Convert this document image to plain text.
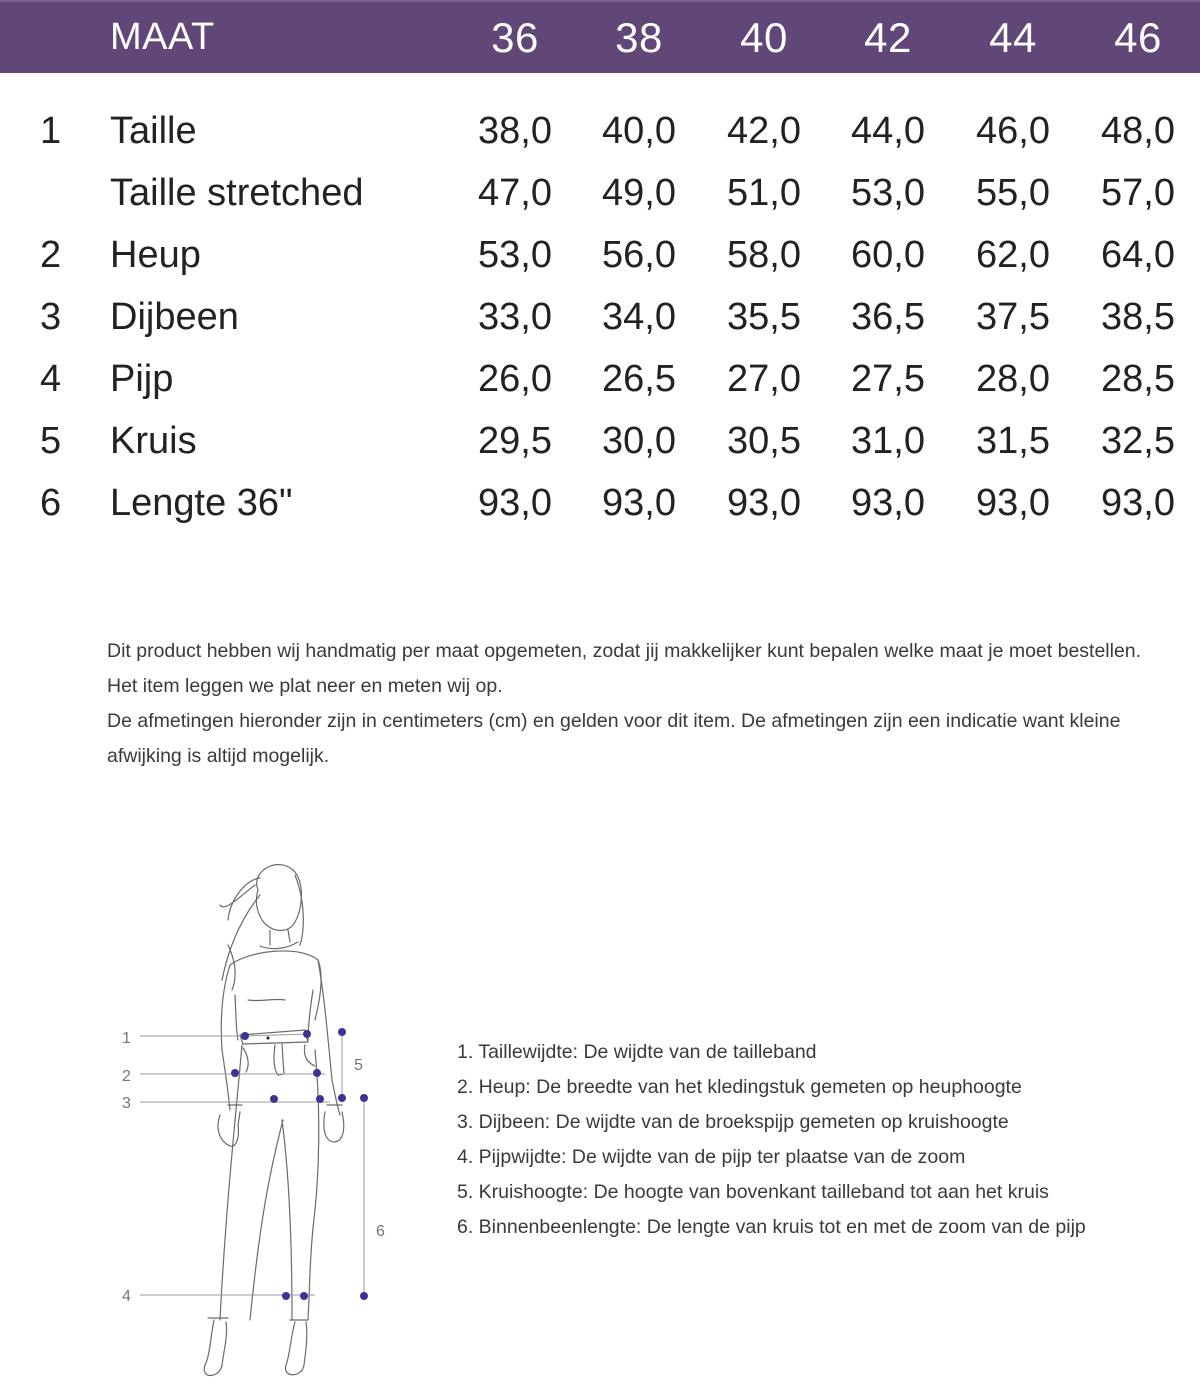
MAAT	36	38	40	42	44	46
1 Taille	38,0	40,0	42,0	44,0	46,0	48,0
Taille stretched	47,0	49,0	51,0	53,0	55,0	57,0
2 Heup	53,0	56,0	58,0	60,0	62,0	64,0
3 Dijbeen	33,0	34,0	35,5	36,5	37,5	38,5
4 Pijp	26,0	26,5	27,0	27,5	28,0	28,5
5 Kruis	29,5	30,0	30,5	31,0	31,5	32,5
6 Lengte 36"	93,0	93,0	93,0	93,0	93,0	93,0

Dit product hebben wij handmatig per maat opgemeten, zodat jij makkelijker kunt bepalen welke maat je moet bestellen.

Het item leggen we plat neer en meten wij op.

De afmetingen hieronder zijn in centimeters (cm) en gelden voor dit item. De afmetingen zijn een indicatie want kleine afwijking is altijd mogelijk.

1
2
3
4
5
6
1. Taillewijdte: De wijdte van de tailleband
2. Heup: De breedte van het kledingstuk gemeten op heuphoogte
3. Dijbeen: De wijdte van de broekspijp gemeten op kruishoogte
4. Pijpwijdte: De wijdte van de pijp ter plaatse van de zoom
5. Kruishoogte: De hoogte van bovenkant tailleband tot aan het kruis
6. Binnenbeenlengte: De lengte van kruis tot en met de zoom van de pijp
